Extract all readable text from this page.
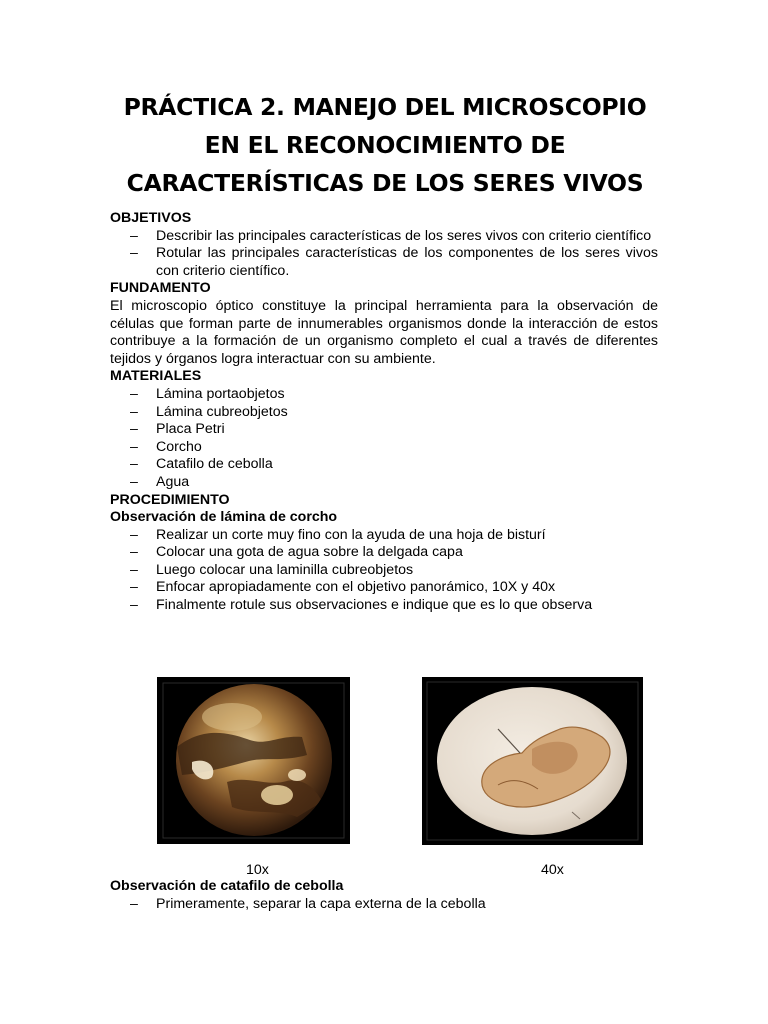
PRÁCTICA 2. MANEJO DEL MICROSCOPIO
EN EL RECONOCIMIENTO DE
CARACTERÍSTICAS DE LOS SERES VIVOS
OBJETIVOS
– Describir las principales características de los seres vivos con criterio científico
– Rotular las principales características de los componentes de los seres vivos con criterio científico.
FUNDAMENTO
El microscopio óptico constituye la principal herramienta para la observación de células que forman parte de innumerables organismos donde la interacción de estos contribuye a la formación de un organismo completo el cual a través de diferentes tejidos y órganos logra interactuar con su ambiente.
MATERIALES
– Lámina portaobjetos
– Lámina cubreobjetos
– Placa Petri
– Corcho
– Catafilo de cebolla
– Agua
PROCEDIMIENTO
Observación de lámina de corcho
– Realizar un corte muy fino con la ayuda de una hoja de bisturí
– Colocar una gota de agua sobre la delgada capa
– Luego colocar una laminilla cubreobjetos
– Enfocar apropiadamente con el objetivo panorámico, 10X y 40x
– Finalmente rotule sus observaciones e indique que es lo que observa
10x	40x
Observación de catafilo de cebolla
– Primeramente, separar la capa externa de la cebolla
